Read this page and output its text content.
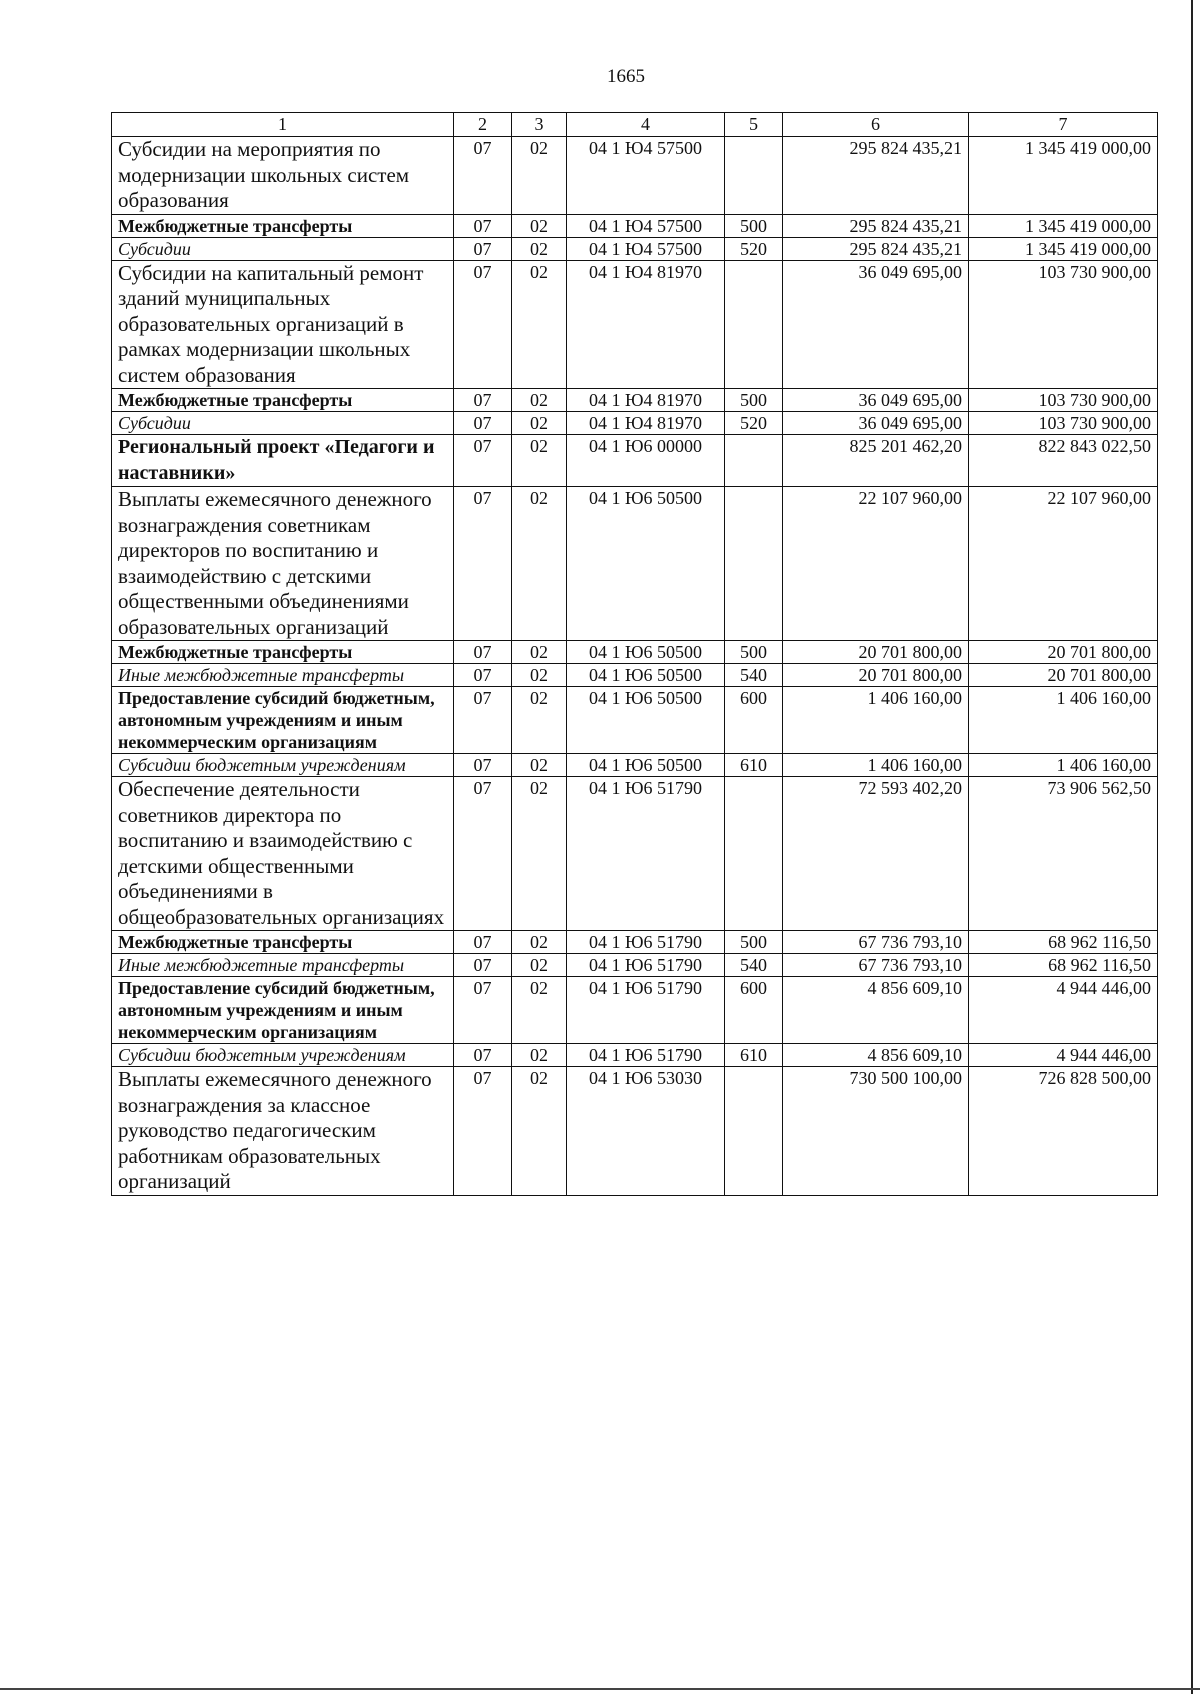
1665
1	2	3	4	5	6	7
Субсидии на мероприятия по модернизации школьных систем образования	07	02	04 1 Ю4 57500		295 824 435,21	1 345 419 000,00
Межбюджетные трансферты	07	02	04 1 Ю4 57500	500	295 824 435,21	1 345 419 000,00
Субсидии	07	02	04 1 Ю4 57500	520	295 824 435,21	1 345 419 000,00
Субсидии на капитальный ремонт зданий муниципальных образовательных организаций в рамках модернизации школьных систем образования	07	02	04 1 Ю4 81970		36 049 695,00	103 730 900,00
Межбюджетные трансферты	07	02	04 1 Ю4 81970	500	36 049 695,00	103 730 900,00
Субсидии	07	02	04 1 Ю4 81970	520	36 049 695,00	103 730 900,00
Региональный проект «Педагоги и наставники»	07	02	04 1 Ю6 00000		825 201 462,20	822 843 022,50
Выплаты ежемесячного денежного вознаграждения советникам директоров по воспитанию и взаимодействию с детскими общественными объединениями образовательных организаций	07	02	04 1 Ю6 50500		22 107 960,00	22 107 960,00
Межбюджетные трансферты	07	02	04 1 Ю6 50500	500	20 701 800,00	20 701 800,00
Иные межбюджетные трансферты	07	02	04 1 Ю6 50500	540	20 701 800,00	20 701 800,00
Предоставление субсидий бюджетным, автономным учреждениям и иным некоммерческим организациям	07	02	04 1 Ю6 50500	600	1 406 160,00	1 406 160,00
Субсидии бюджетным учреждениям	07	02	04 1 Ю6 50500	610	1 406 160,00	1 406 160,00
Обеспечение деятельности советников директора по воспитанию и взаимодействию с детскими общественными объединениями в общеобразовательных организациях	07	02	04 1 Ю6 51790		72 593 402,20	73 906 562,50
Межбюджетные трансферты	07	02	04 1 Ю6 51790	500	67 736 793,10	68 962 116,50
Иные межбюджетные трансферты	07	02	04 1 Ю6 51790	540	67 736 793,10	68 962 116,50
Предоставление субсидий бюджетным, автономным учреждениям и иным некоммерческим организациям	07	02	04 1 Ю6 51790	600	4 856 609,10	4 944 446,00
Субсидии бюджетным учреждениям	07	02	04 1 Ю6 51790	610	4 856 609,10	4 944 446,00
Выплаты ежемесячного денежного вознаграждения за классное руководство педагогическим работникам образовательных организаций	07	02	04 1 Ю6 53030		730 500 100,00	726 828 500,00
